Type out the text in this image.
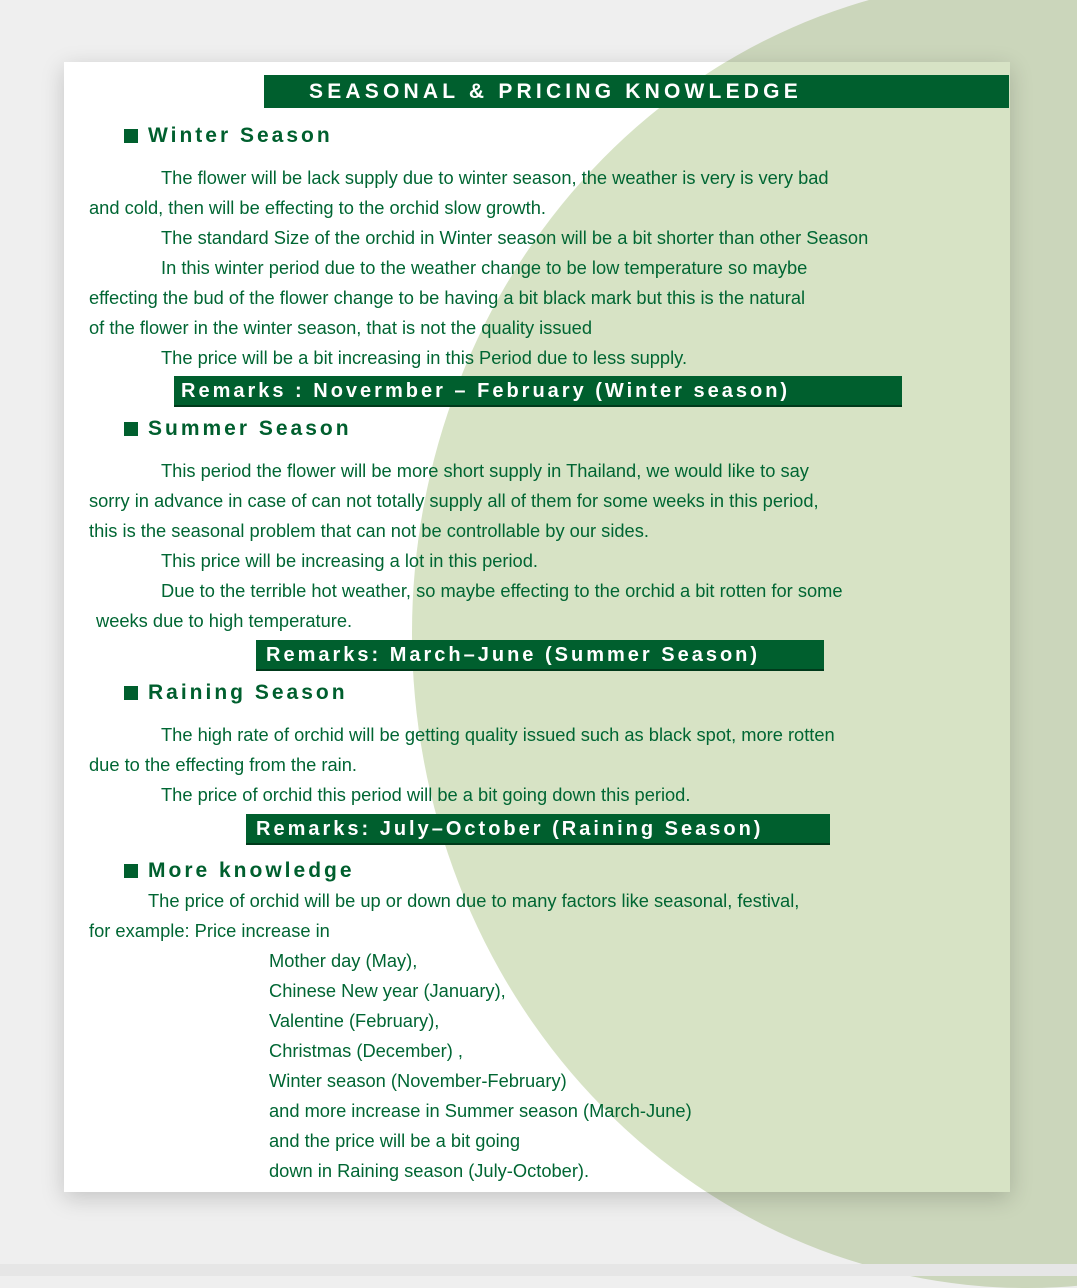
SEASONAL & PRICING KNOWLEDGE
Winter Season
The flower will be lack supply due to winter season, the weather is very is very bad
and cold, then will be effecting to the orchid slow growth.
The standard Size of the orchid in Winter season will be a bit shorter than other Season
In this winter period due to the weather change to be low temperature so maybe
effecting the bud of the flower change to be having a bit black mark but this is the natural
of the flower in the winter season, that is not the quality issued
The price will be a bit increasing in this Period due to less supply.
Remarks : Novermber – February (Winter season)
Summer Season
This period the flower will be more short supply in Thailand, we would like to say
sorry in advance in case of can not totally supply all of them for some weeks in this period,
this is the seasonal problem that can not be controllable by our sides.
This price will be increasing a lot in this period.
Due to the terrible hot weather, so maybe effecting to the orchid a bit rotten for some
weeks due to high temperature.
Remarks: March–June (Summer Season)
Raining Season
The high rate of orchid will be getting quality issued such as black spot, more rotten
due to the effecting from the rain.
The price of orchid this period will be a bit going down this period.
Remarks: July–October (Raining Season)
More knowledge
The price of orchid will be up or down due to many factors like seasonal, festival,
for example: Price increase in
Mother day (May),
Chinese New year (January),
Valentine (February),
Christmas (December) ,
Winter season (November-February)
and more increase in Summer season (March-June)
and the price will be a bit going
down in Raining season (July-October).
